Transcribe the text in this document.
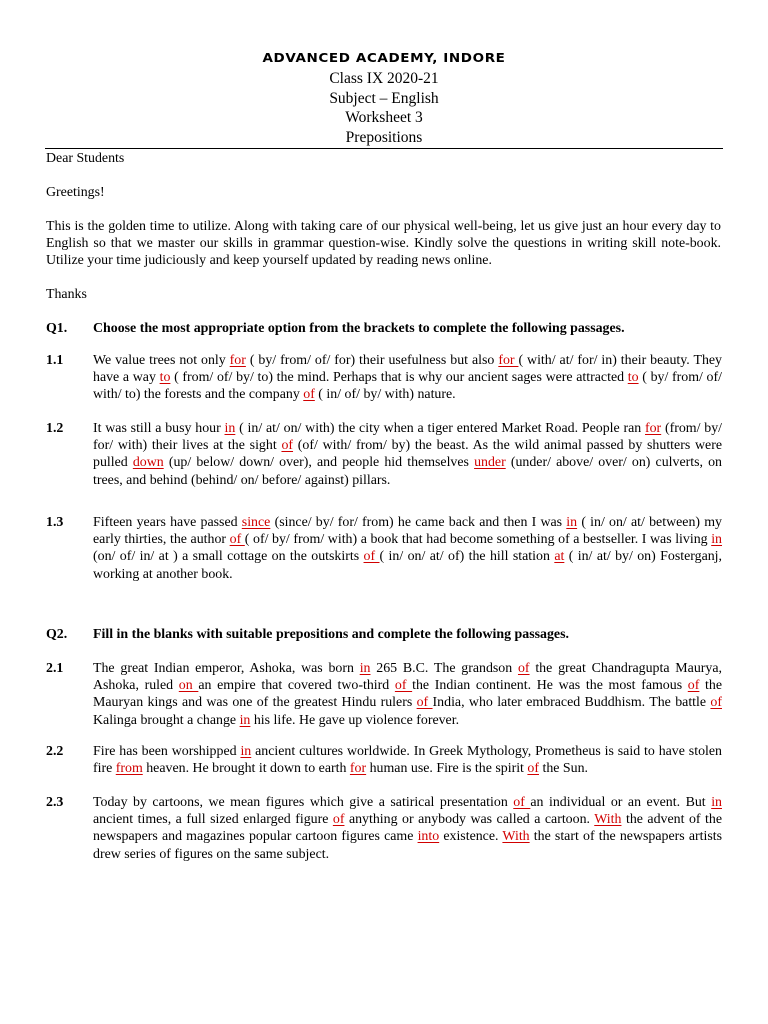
ADVANCED ACADEMY, INDORE
Class IX 2020-21
Subject – English
Worksheet 3
Prepositions
Dear Students
Greetings!
This is the golden time to utilize. Along with taking care of our physical well-being, let us give just an hour every day to English so that we master our skills in grammar question-wise. Kindly solve the questions in writing skill note-book. Utilize your time judiciously and keep yourself updated by reading news online.
Thanks
Q1. Choose the most appropriate option from the brackets to complete the following passages.
1.1 We value trees not only for ( by/ from/ of/ for) their usefulness but also for ( with/ at/ for/ in) their beauty. They have a way to ( from/ of/ by/ to) the mind. Perhaps that is why our ancient sages were attracted to ( by/ from/ of/ with/ to) the forests and the company of ( in/ of/ by/ with) nature.
1.2 It was still a busy hour in ( in/ at/ on/ with) the city when a tiger entered Market Road. People ran for (from/ by/ for/ with) their lives at the sight of (of/ with/ from/ by) the beast. As the wild animal passed by shutters were pulled down (up/ below/ down/ over), and people hid themselves under (under/ above/ over/ on) culverts, on trees, and behind (behind/ on/ before/ against) pillars.
1.3 Fifteen years have passed since (since/ by/ for/ from) he came back and then I was in ( in/ on/ at/ between) my early thirties, the author of ( of/ by/ from/ with) a book that had become something of a bestseller. I was living in (on/ of/ in/ at ) a small cottage on the outskirts of ( in/ on/ at/ of) the hill station at ( in/ at/ by/ on) Fosterganj, working at another book.
Q2. Fill in the blanks with suitable prepositions and complete the following passages.
2.1 The great Indian emperor, Ashoka, was born in 265 B.C. The grandson of the great Chandragupta Maurya, Ashoka, ruled on an empire that covered two-third of the Indian continent. He was the most famous of the Mauryan kings and was one of the greatest Hindu rulers of India, who later embraced Buddhism. The battle of Kalinga brought a change in his life. He gave up violence forever.
2.2 Fire has been worshipped in ancient cultures worldwide. In Greek Mythology, Prometheus is said to have stolen fire from heaven. He brought it down to earth for human use. Fire is the spirit of the Sun.
2.3 Today by cartoons, we mean figures which give a satirical presentation of an individual or an event. But in ancient times, a full sized enlarged figure of anything or anybody was called a cartoon. With the advent of the newspapers and magazines popular cartoon figures came into existence. With the start of the newspapers artists drew series of figures on the same subject.
